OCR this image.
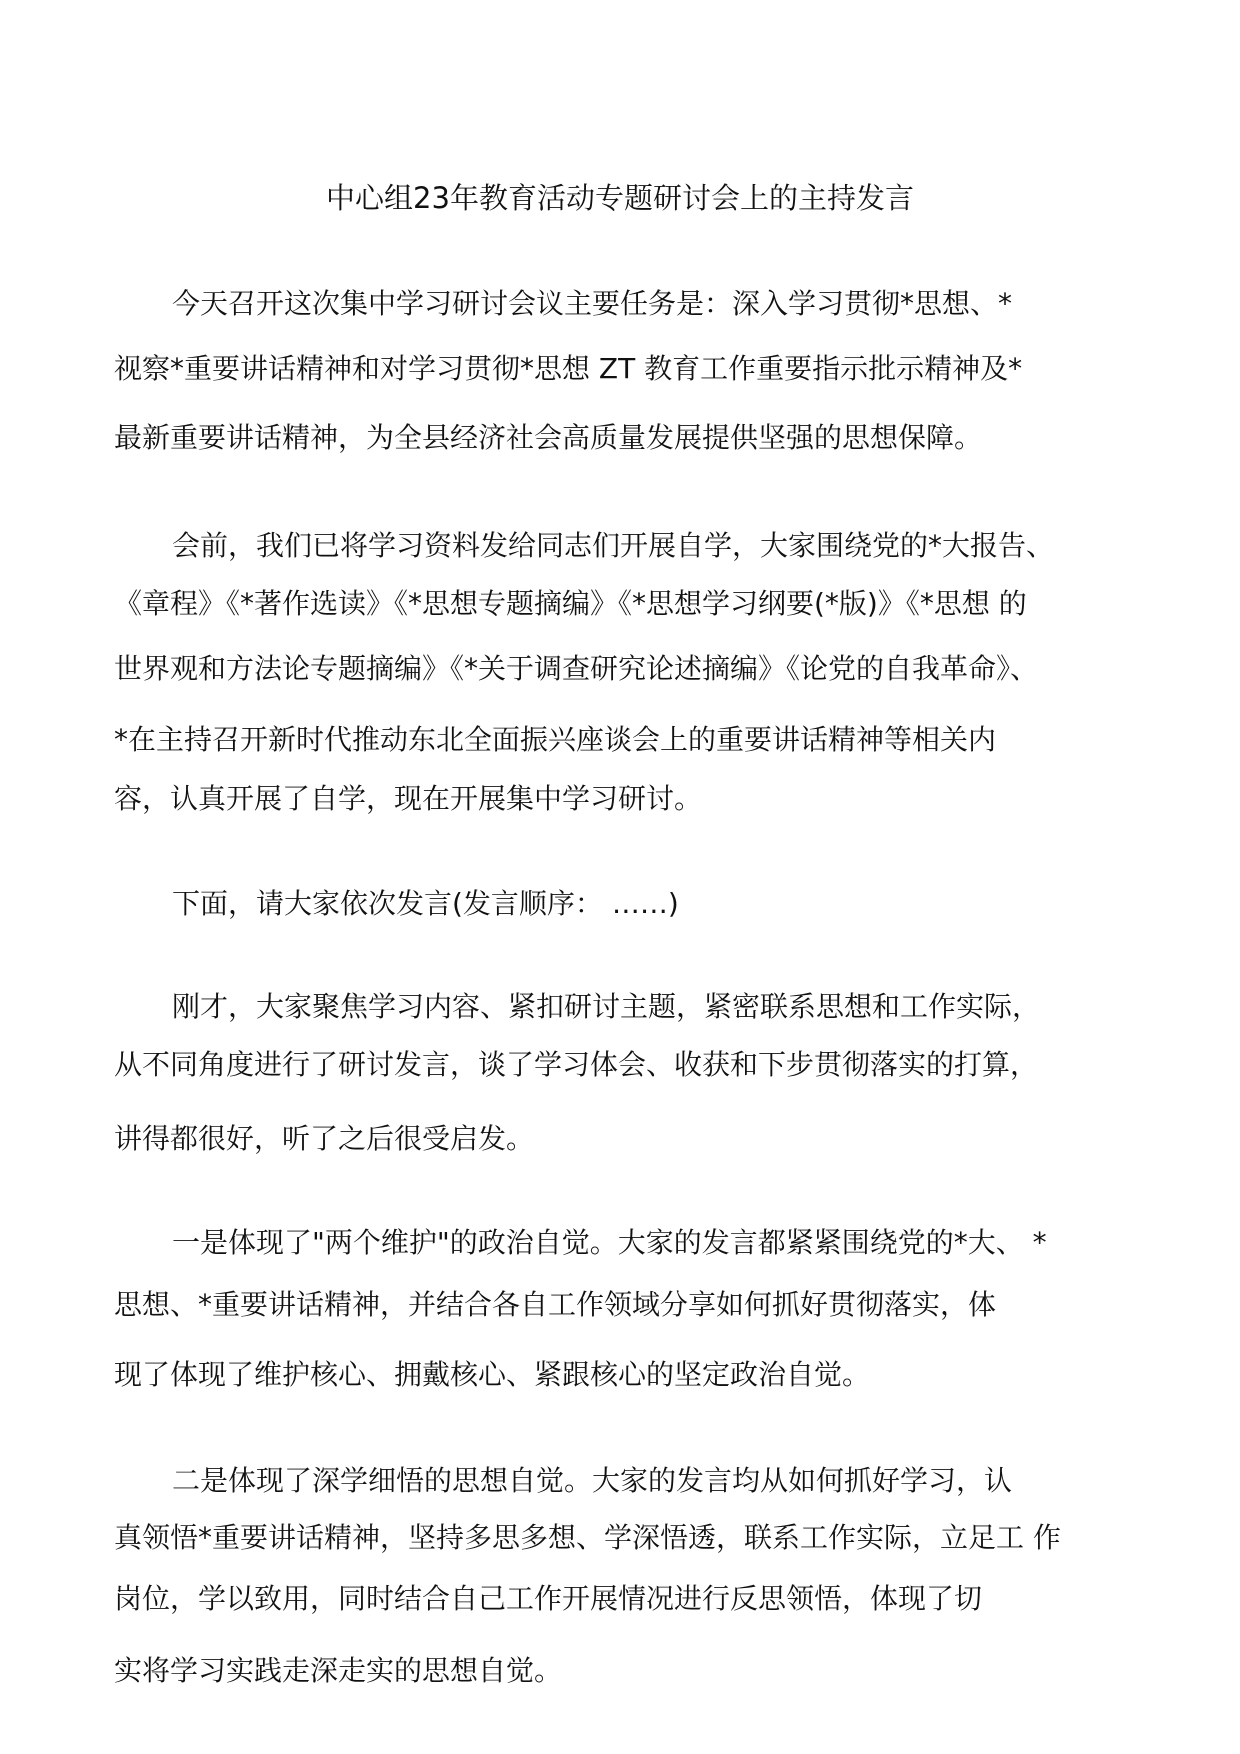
中心组23年教育活动专题研讨会上的主持发言
今天召开这次集中学习研讨会议主要任务是：深入学习贯彻*思想、*
视察*重要讲话精神和对学习贯彻*思想 ZT 教育工作重要指示批示精神及*
最新重要讲话精神，为全县经济社会高质量发展提供坚强的思想保障。
会前，我们已将学习资料发给同志们开展自学，大家围绕党的*大报告、
《章程》《*著作选读》《*思想专题摘编》《*思想学习纲要(*版)》《*思想 的
世界观和方法论专题摘编》《*关于调查研究论述摘编》《论党的自我革命》、
*在主持召开新时代推动东北全面振兴座谈会上的重要讲话精神等相关内
容，认真开展了自学，现在开展集中学习研讨。
下面，请大家依次发言(发言顺序： ……)
刚才，大家聚焦学习内容、紧扣研讨主题，紧密联系思想和工作实际，
从不同角度进行了研讨发言，谈了学习体会、收获和下步贯彻落实的打算，
讲得都很好，听了之后很受启发。
一是体现了"两个维护"的政治自觉。大家的发言都紧紧围绕党的*大、 *
思想、*重要讲话精神，并结合各自工作领域分享如何抓好贯彻落实，体
现了体现了维护核心、拥戴核心、紧跟核心的坚定政治自觉。
二是体现了深学细悟的思想自觉。大家的发言均从如何抓好学习，认
真领悟*重要讲话精神，坚持多思多想、学深悟透，联系工作实际，立足工 作
岗位，学以致用，同时结合自己工作开展情况进行反思领悟，体现了切
实将学习实践走深走实的思想自觉。
